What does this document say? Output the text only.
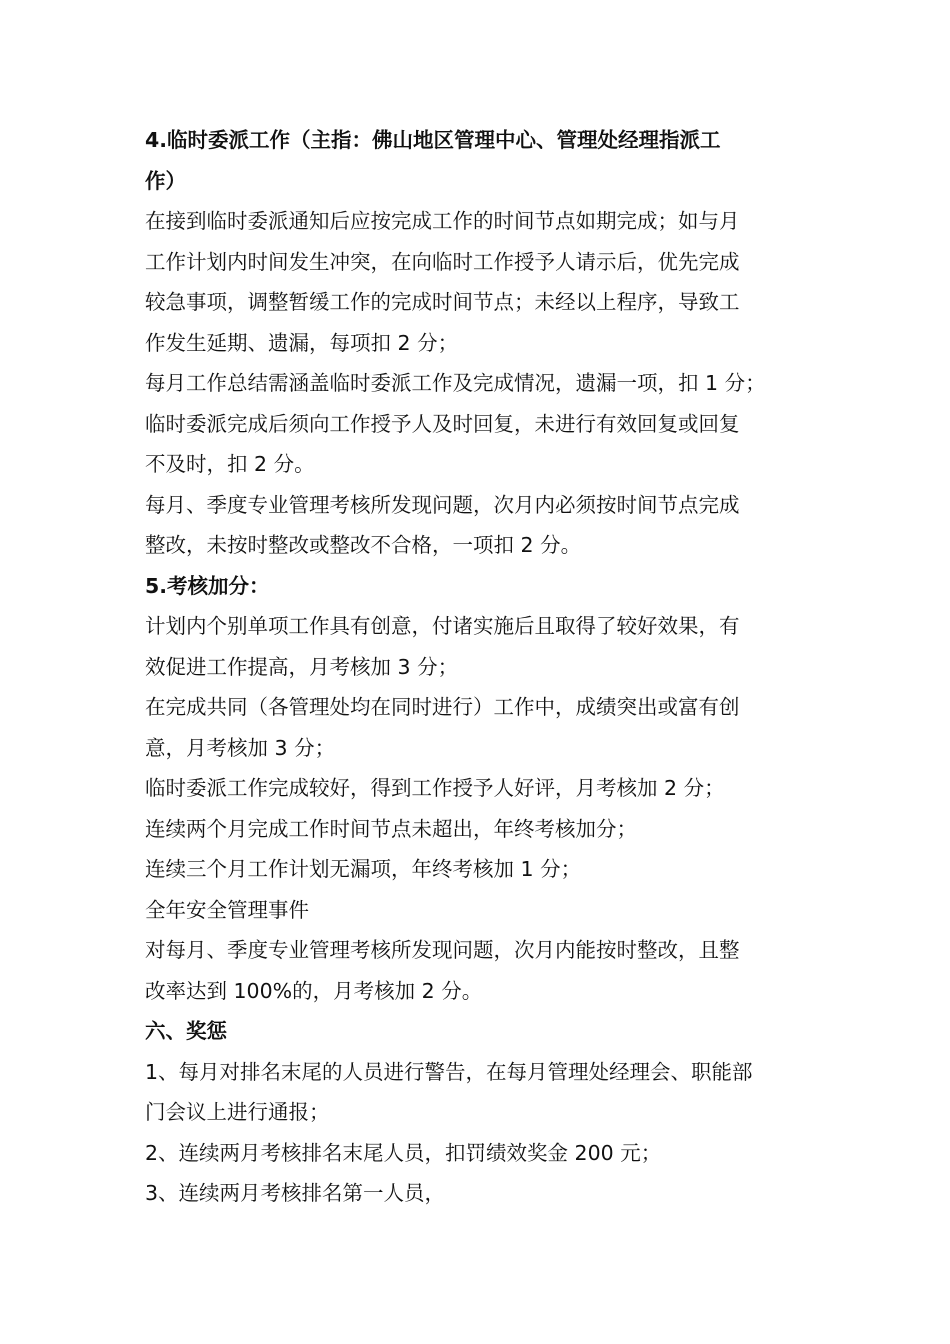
4.临时委派工作（主指：佛山地区管理中心、管理处经理指派工

作）

在接到临时委派通知后应按完成工作的时间节点如期完成；如与月

工作计划内时间发生冲突，在向临时工作授予人请示后，优先完成

较急事项，调整暂缓工作的完成时间节点；未经以上程序，导致工

作发生延期、遗漏，每项扣 2 分；

每月工作总结需涵盖临时委派工作及完成情况，遗漏一项，扣 1 分；

临时委派完成后须向工作授予人及时回复，未进行有效回复或回复

不及时，扣 2 分。

每月、季度专业管理考核所发现问题，次月内必须按时间节点完成

整改，未按时整改或整改不合格，一项扣 2 分。

5.考核加分：

计划内个别单项工作具有创意，付诸实施后且取得了较好效果，有

效促进工作提高，月考核加 3 分；

在完成共同（各管理处均在同时进行）工作中，成绩突出或富有创

意，月考核加 3 分；

临时委派工作完成较好，得到工作授予人好评，月考核加 2 分；

连续两个月完成工作时间节点未超出，年终考核加分；

连续三个月工作计划无漏项，年终考核加 1 分；

全年安全管理事件

对每月、季度专业管理考核所发现问题，次月内能按时整改，且整

改率达到 100%的，月考核加 2 分。

六、奖惩

1、每月对排名末尾的人员进行警告，在每月管理处经理会、职能部

门会议上进行通报；

2、连续两月考核排名末尾人员，扣罚绩效奖金 200 元；

3、连续两月考核排名第一人员，
